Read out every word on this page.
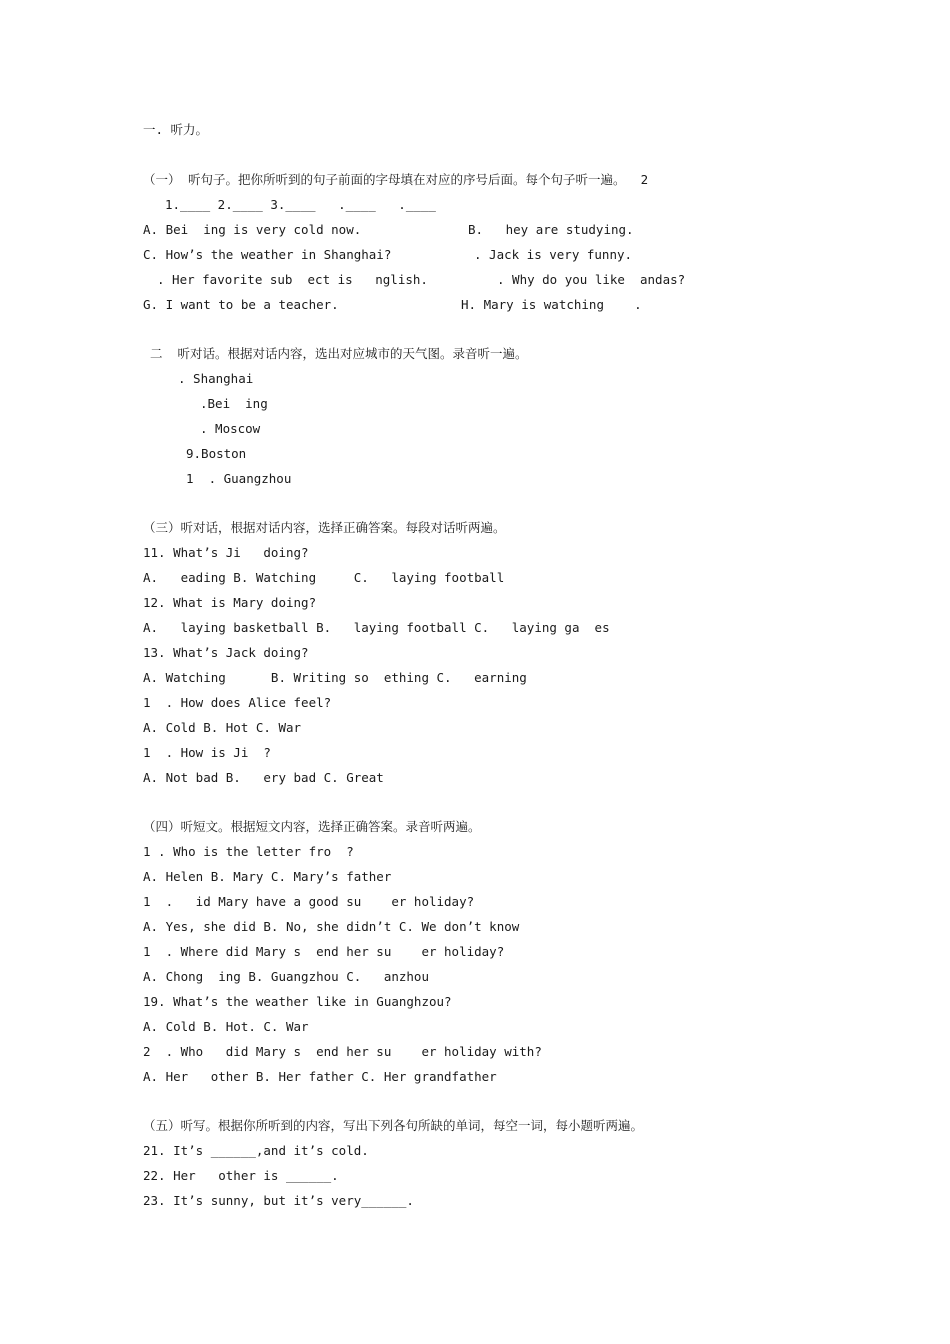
一. 听力。
（一） 听句子。把你所听到的句子前面的字母填在对应的序号后面。每个句子听一遍。  2
1.____ 2.____ 3.____   .____   .____
A. Bei  ing is very cold now.	B.   hey are studying.
C. How’s the weather in Shanghai?	. Jack is very funny.
. Her favorite sub  ect is   nglish.	. Why do you like  andas?
G. I want to be a teacher.	H. Mary is watching    .
二  听对话。根据对话内容，选出对应城市的天气图。录音听一遍。
. Shanghai
.Bei  ing
. Moscow
9.Boston
1  . Guangzhou
（三）听对话，根据对话内容，选择正确答案。每段对话听两遍。
11. What’s Ji   doing?
A.   eading B. Watching     C.   laying football
12. What is Mary doing?
A.   laying basketball B.   laying football C.   laying ga  es
13. What’s Jack doing?
A. Watching      B. Writing so  ething C.   earning
1  . How does Alice feel?
A. Cold B. Hot C. War
1  . How is Ji  ?
A. Not bad B.   ery bad C. Great
（四）听短文。根据短文内容，选择正确答案。录音听两遍。
1 . Who is the letter fro  ?
A. Helen B. Mary C. Mary’s father
1  .   id Mary have a good su    er holiday?
A. Yes, she did B. No, she didn’t C. We don’t know
1  . Where did Mary s  end her su    er holiday?
A. Chong  ing B. Guangzhou C.   anzhou
19. What’s the weather like in Guanghzou?
A. Cold B. Hot. C. War
2  . Who   did Mary s  end her su    er holiday with?
A. Her   other B. Her father C. Her grandfather
（五）听写。根据你所听到的内容，写出下列各句所缺的单词，每空一词，每小题听两遍。
21. It’s ______,and it’s cold.
22. Her   other is ______.
23. It’s sunny, but it’s very______.
